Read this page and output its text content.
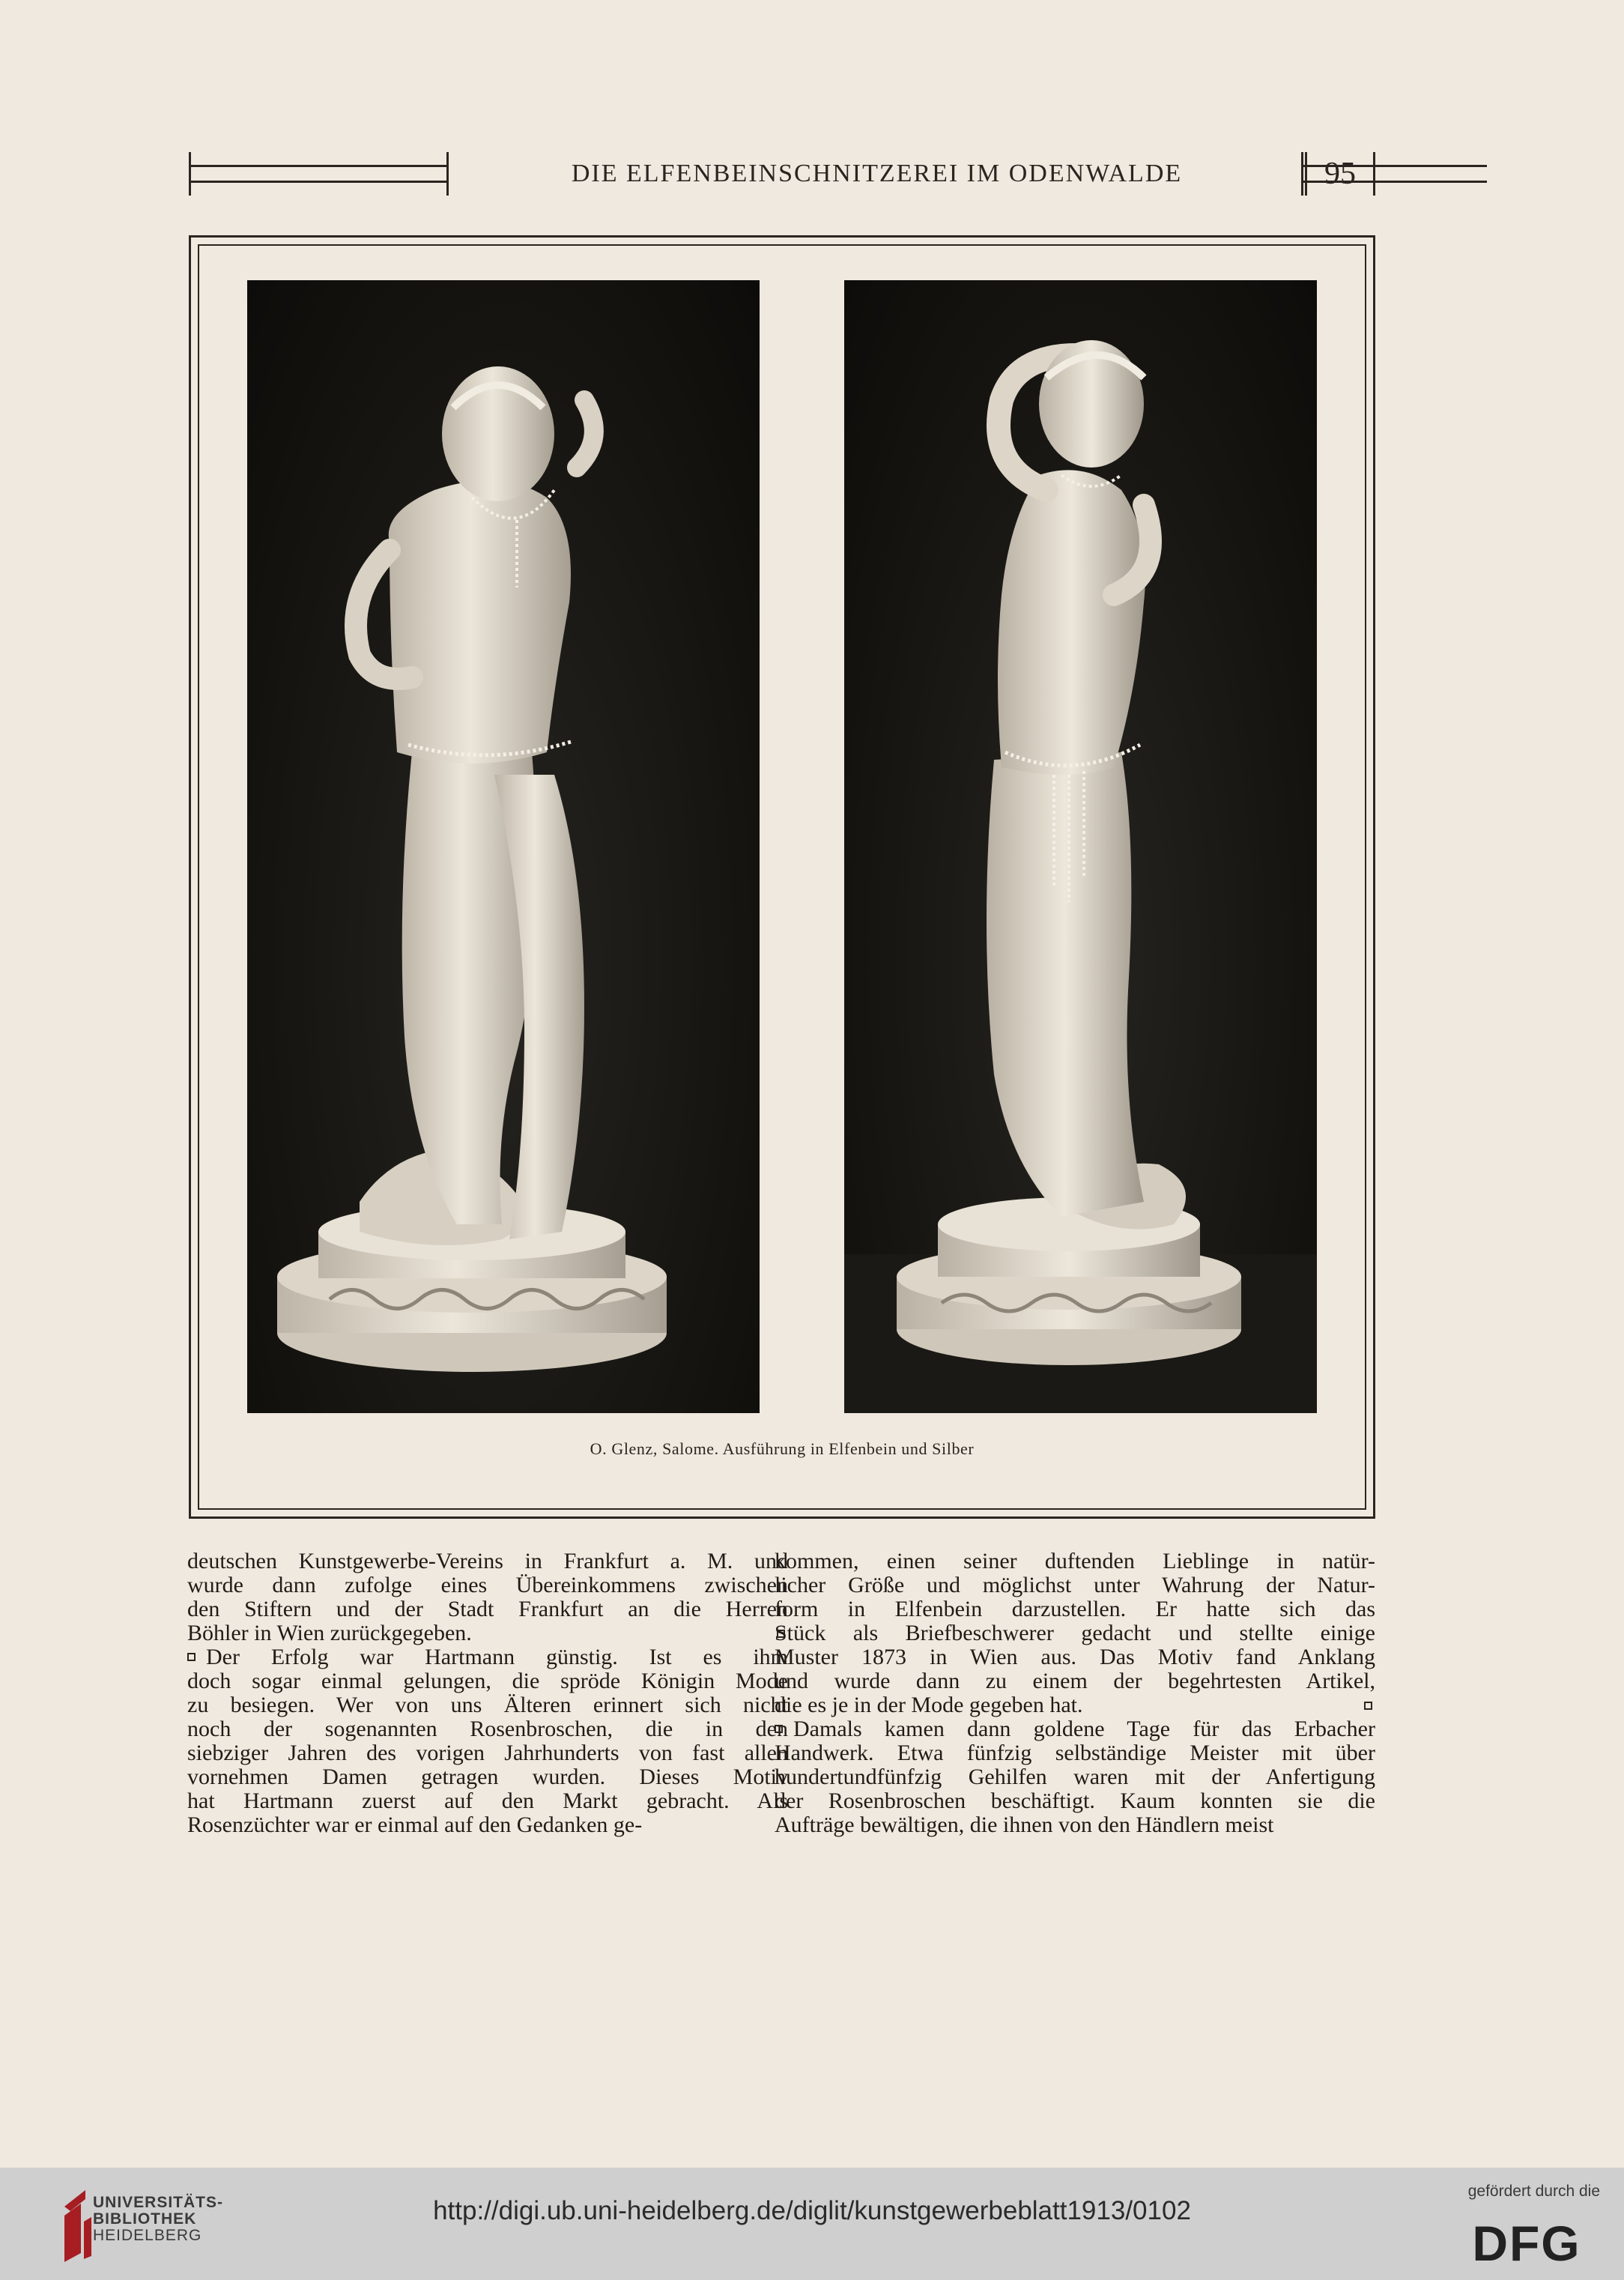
DIE ELFENBEINSCHNITZEREI IM ODENWALDE	95
O. Glenz, Salome. Ausführung in Elfenbein und Silber
deutschen Kunstgewerbe-Vereins in Frankfurt a. M. und
wurde dann zufolge eines Übereinkommens zwischen
den Stiftern und der Stadt Frankfurt an die Herren
Böhler in Wien zurückgegeben.
Der Erfolg war Hartmann günstig. Ist es ihm
doch sogar einmal gelungen, die spröde Königin Mode
zu besiegen. Wer von uns Älteren erinnert sich nicht
noch der sogenannten Rosenbroschen, die in den
siebziger Jahren des vorigen Jahrhunderts von fast allen
vornehmen Damen getragen wurden. Dieses Motiv
hat Hartmann zuerst auf den Markt gebracht. Als
Rosenzüchter war er einmal auf den Gedanken ge-
kommen, einen seiner duftenden Lieblinge in natür-
licher Größe und möglichst unter Wahrung der Natur-
form in Elfenbein darzustellen. Er hatte sich das
Stück als Briefbeschwerer gedacht und stellte einige
Muster 1873 in Wien aus. Das Motiv fand Anklang
und wurde dann zu einem der begehrtesten Artikel,
die es je in der Mode gegeben hat.
Damals kamen dann goldene Tage für das Erbacher
Handwerk. Etwa fünfzig selbständige Meister mit über
hundertundfünfzig Gehilfen waren mit der Anfertigung
der Rosenbroschen beschäftigt. Kaum konnten sie die
Aufträge bewältigen, die ihnen von den Händlern meist
UNIVERSITÄTS-
BIBLIOTHEK
HEIDELBERG
http://digi.ub.uni-heidelberg.de/diglit/kunstgewerbeblatt1913/0102
gefördert durch die
DFG
